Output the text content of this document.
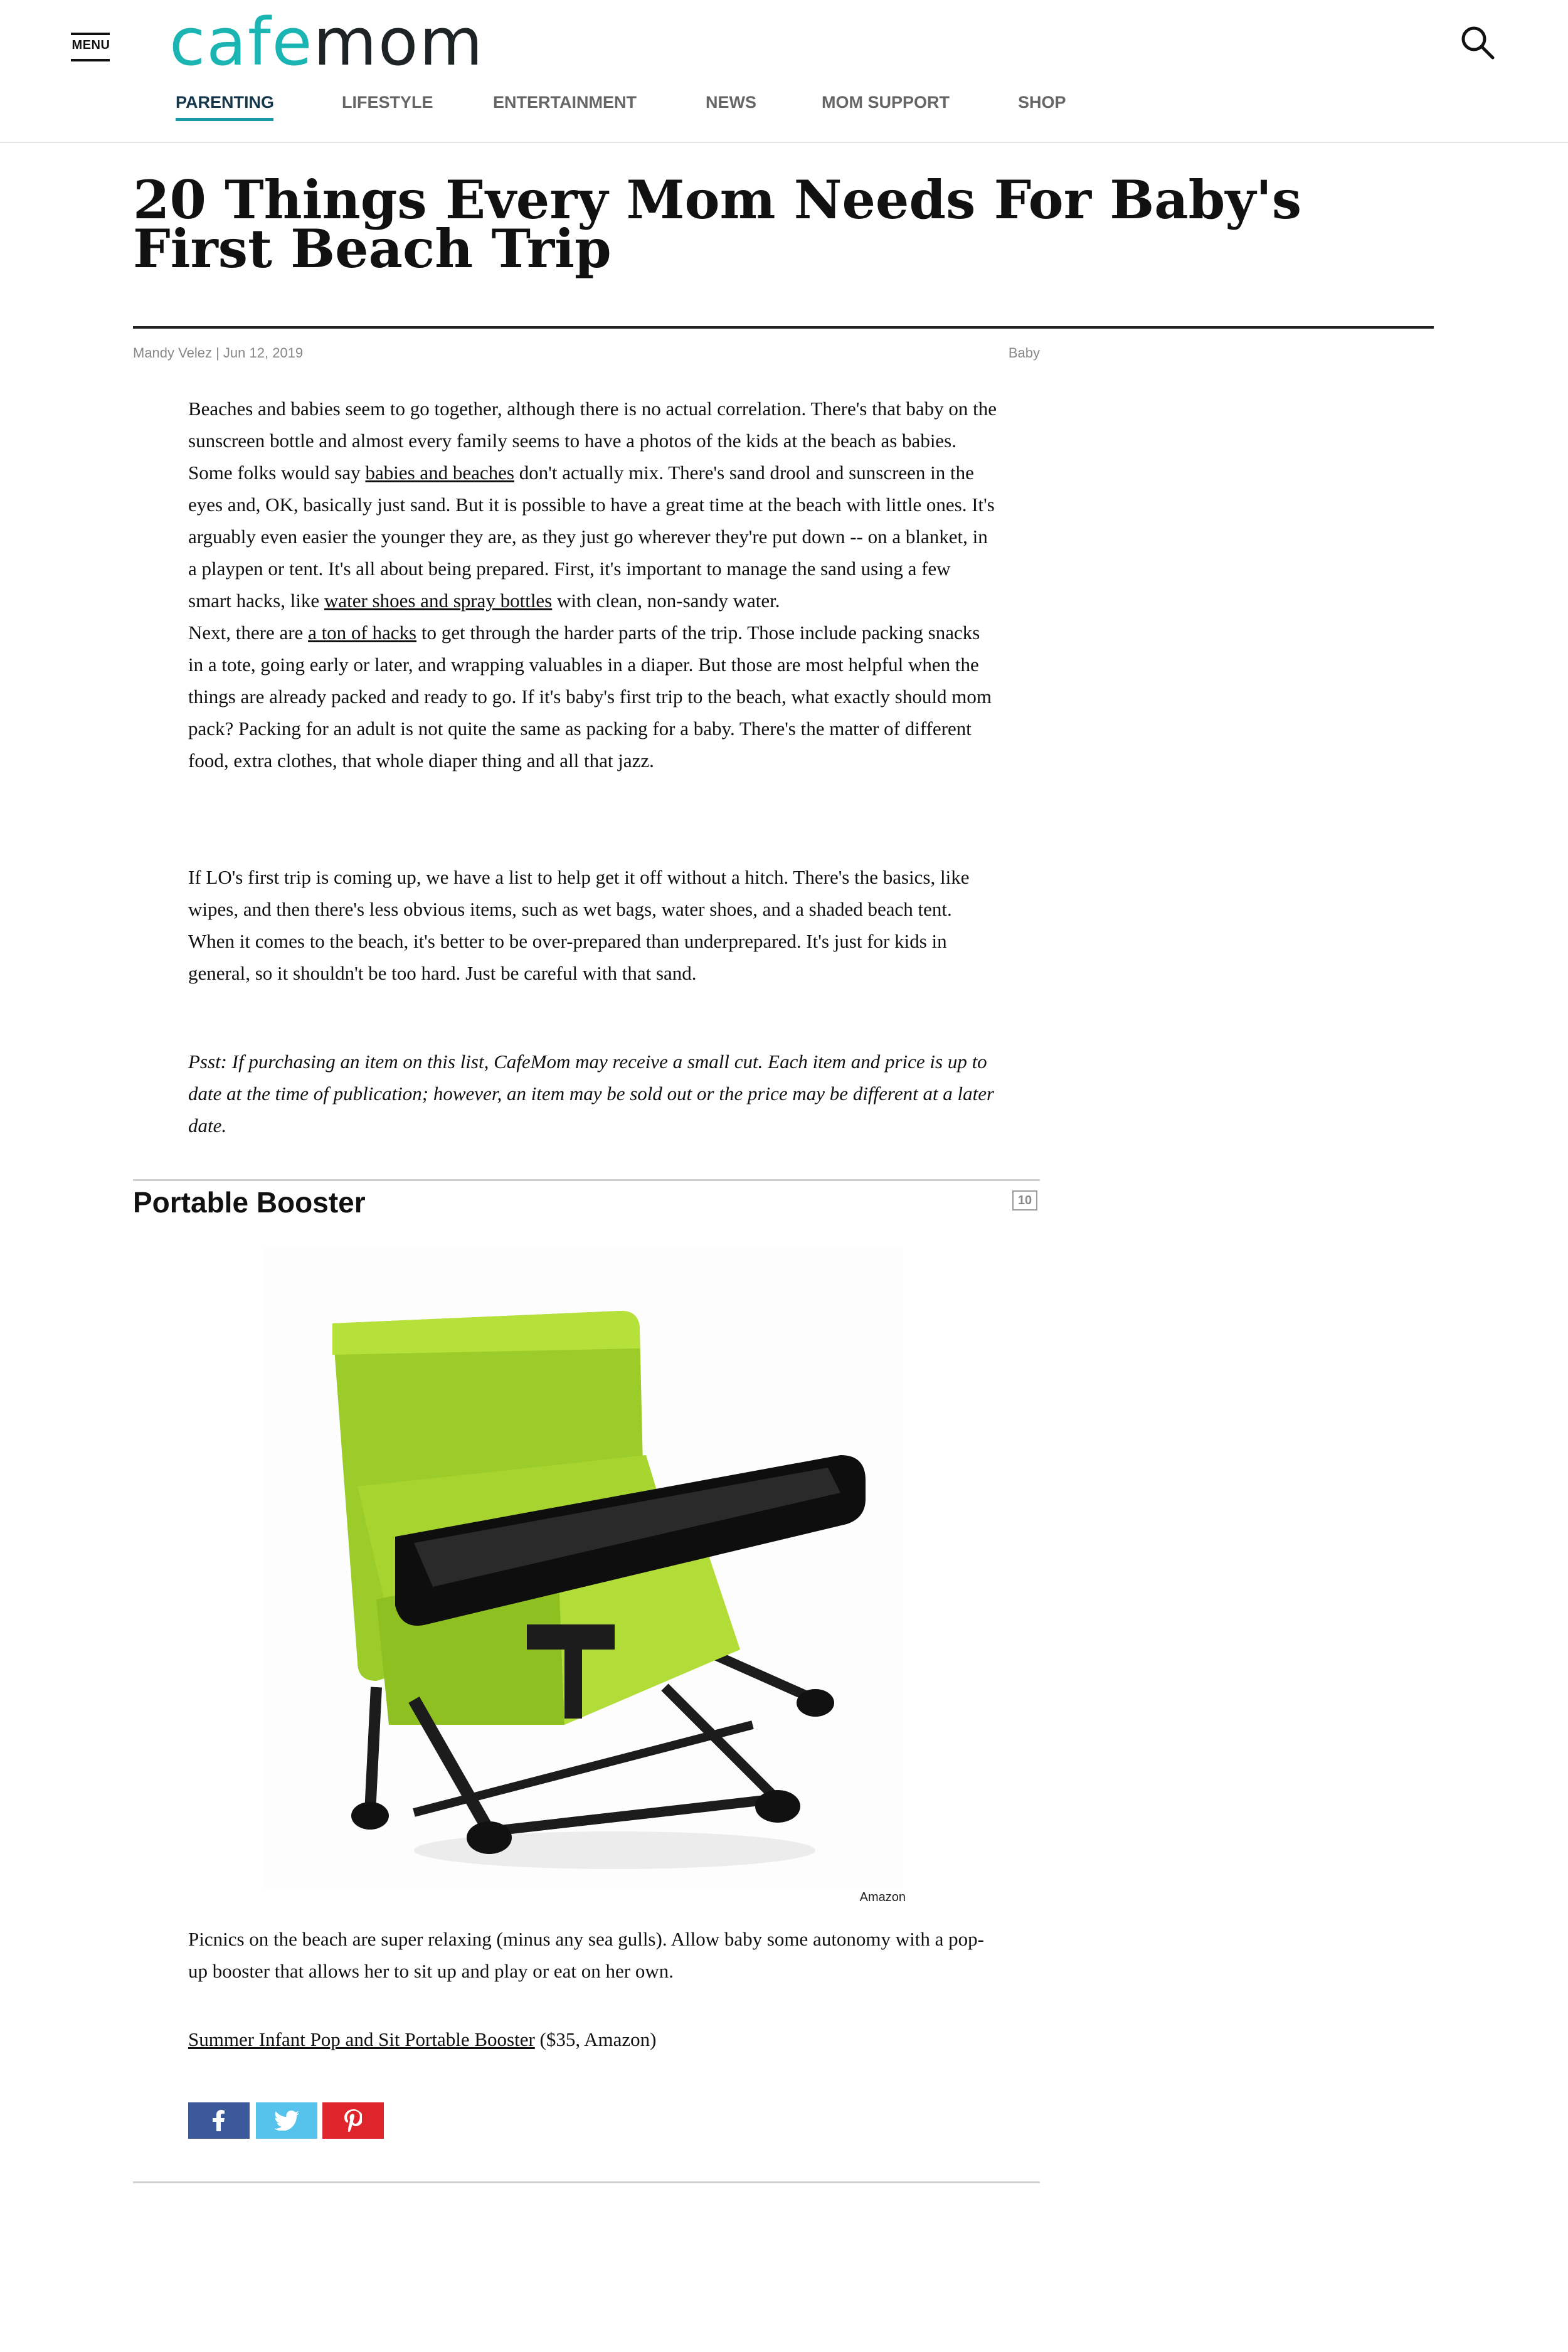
MENU cafemom
PARENTING	LIFESTYLE	ENTERTAINMENT	NEWS	MOM SUPPORT	SHOP
20 Things Every Mom Needs For Baby's First Beach Trip
Mandy Velez | Jun 12, 2019	Baby

Beaches and babies seem to go together, although there is no actual correlation. There's that baby on the sunscreen bottle and almost every family seems to have a photos of the kids at the beach as babies. Some folks would say babies and beaches don't actually mix. There's sand drool and sunscreen in the eyes and, OK, basically just sand. But it is possible to have a great time at the beach with little ones. It's arguably even easier the younger they are, as they just go wherever they're put down -- on a blanket, in a playpen or tent. It's all about being prepared. First, it's important to manage the sand using a few smart hacks, like water shoes and spray bottles with clean, non-sandy water.
Next, there are a ton of hacks to get through the harder parts of the trip. Those include packing snacks in a tote, going early or later, and wrapping valuables in a diaper. But those are most helpful when the things are already packed and ready to go. If it's baby's first trip to the beach, what exactly should mom pack? Packing for an adult is not quite the same as packing for a baby. There's the matter of different food, extra clothes, that whole diaper thing and all that jazz.

If LO's first trip is coming up, we have a list to help get it off without a hitch. There's the basics, like wipes, and then there's less obvious items, such as wet bags, water shoes, and a shaded beach tent. When it comes to the beach, it's better to be over-prepared than underprepared. It's just for kids in general, so it shouldn't be too hard. Just be careful with that sand.

Psst: If purchasing an item on this list, CafeMom may receive a small cut. Each item and price is up to date at the time of publication; however, an item may be sold out or the price may be different at a later date.

Portable Booster	10
Amazon

Picnics on the beach are super relaxing (minus any sea gulls). Allow baby some autonomy with a pop-up booster that allows her to sit up and play or eat on her own.

Summer Infant Pop and Sit Portable Booster ($35, Amazon)
